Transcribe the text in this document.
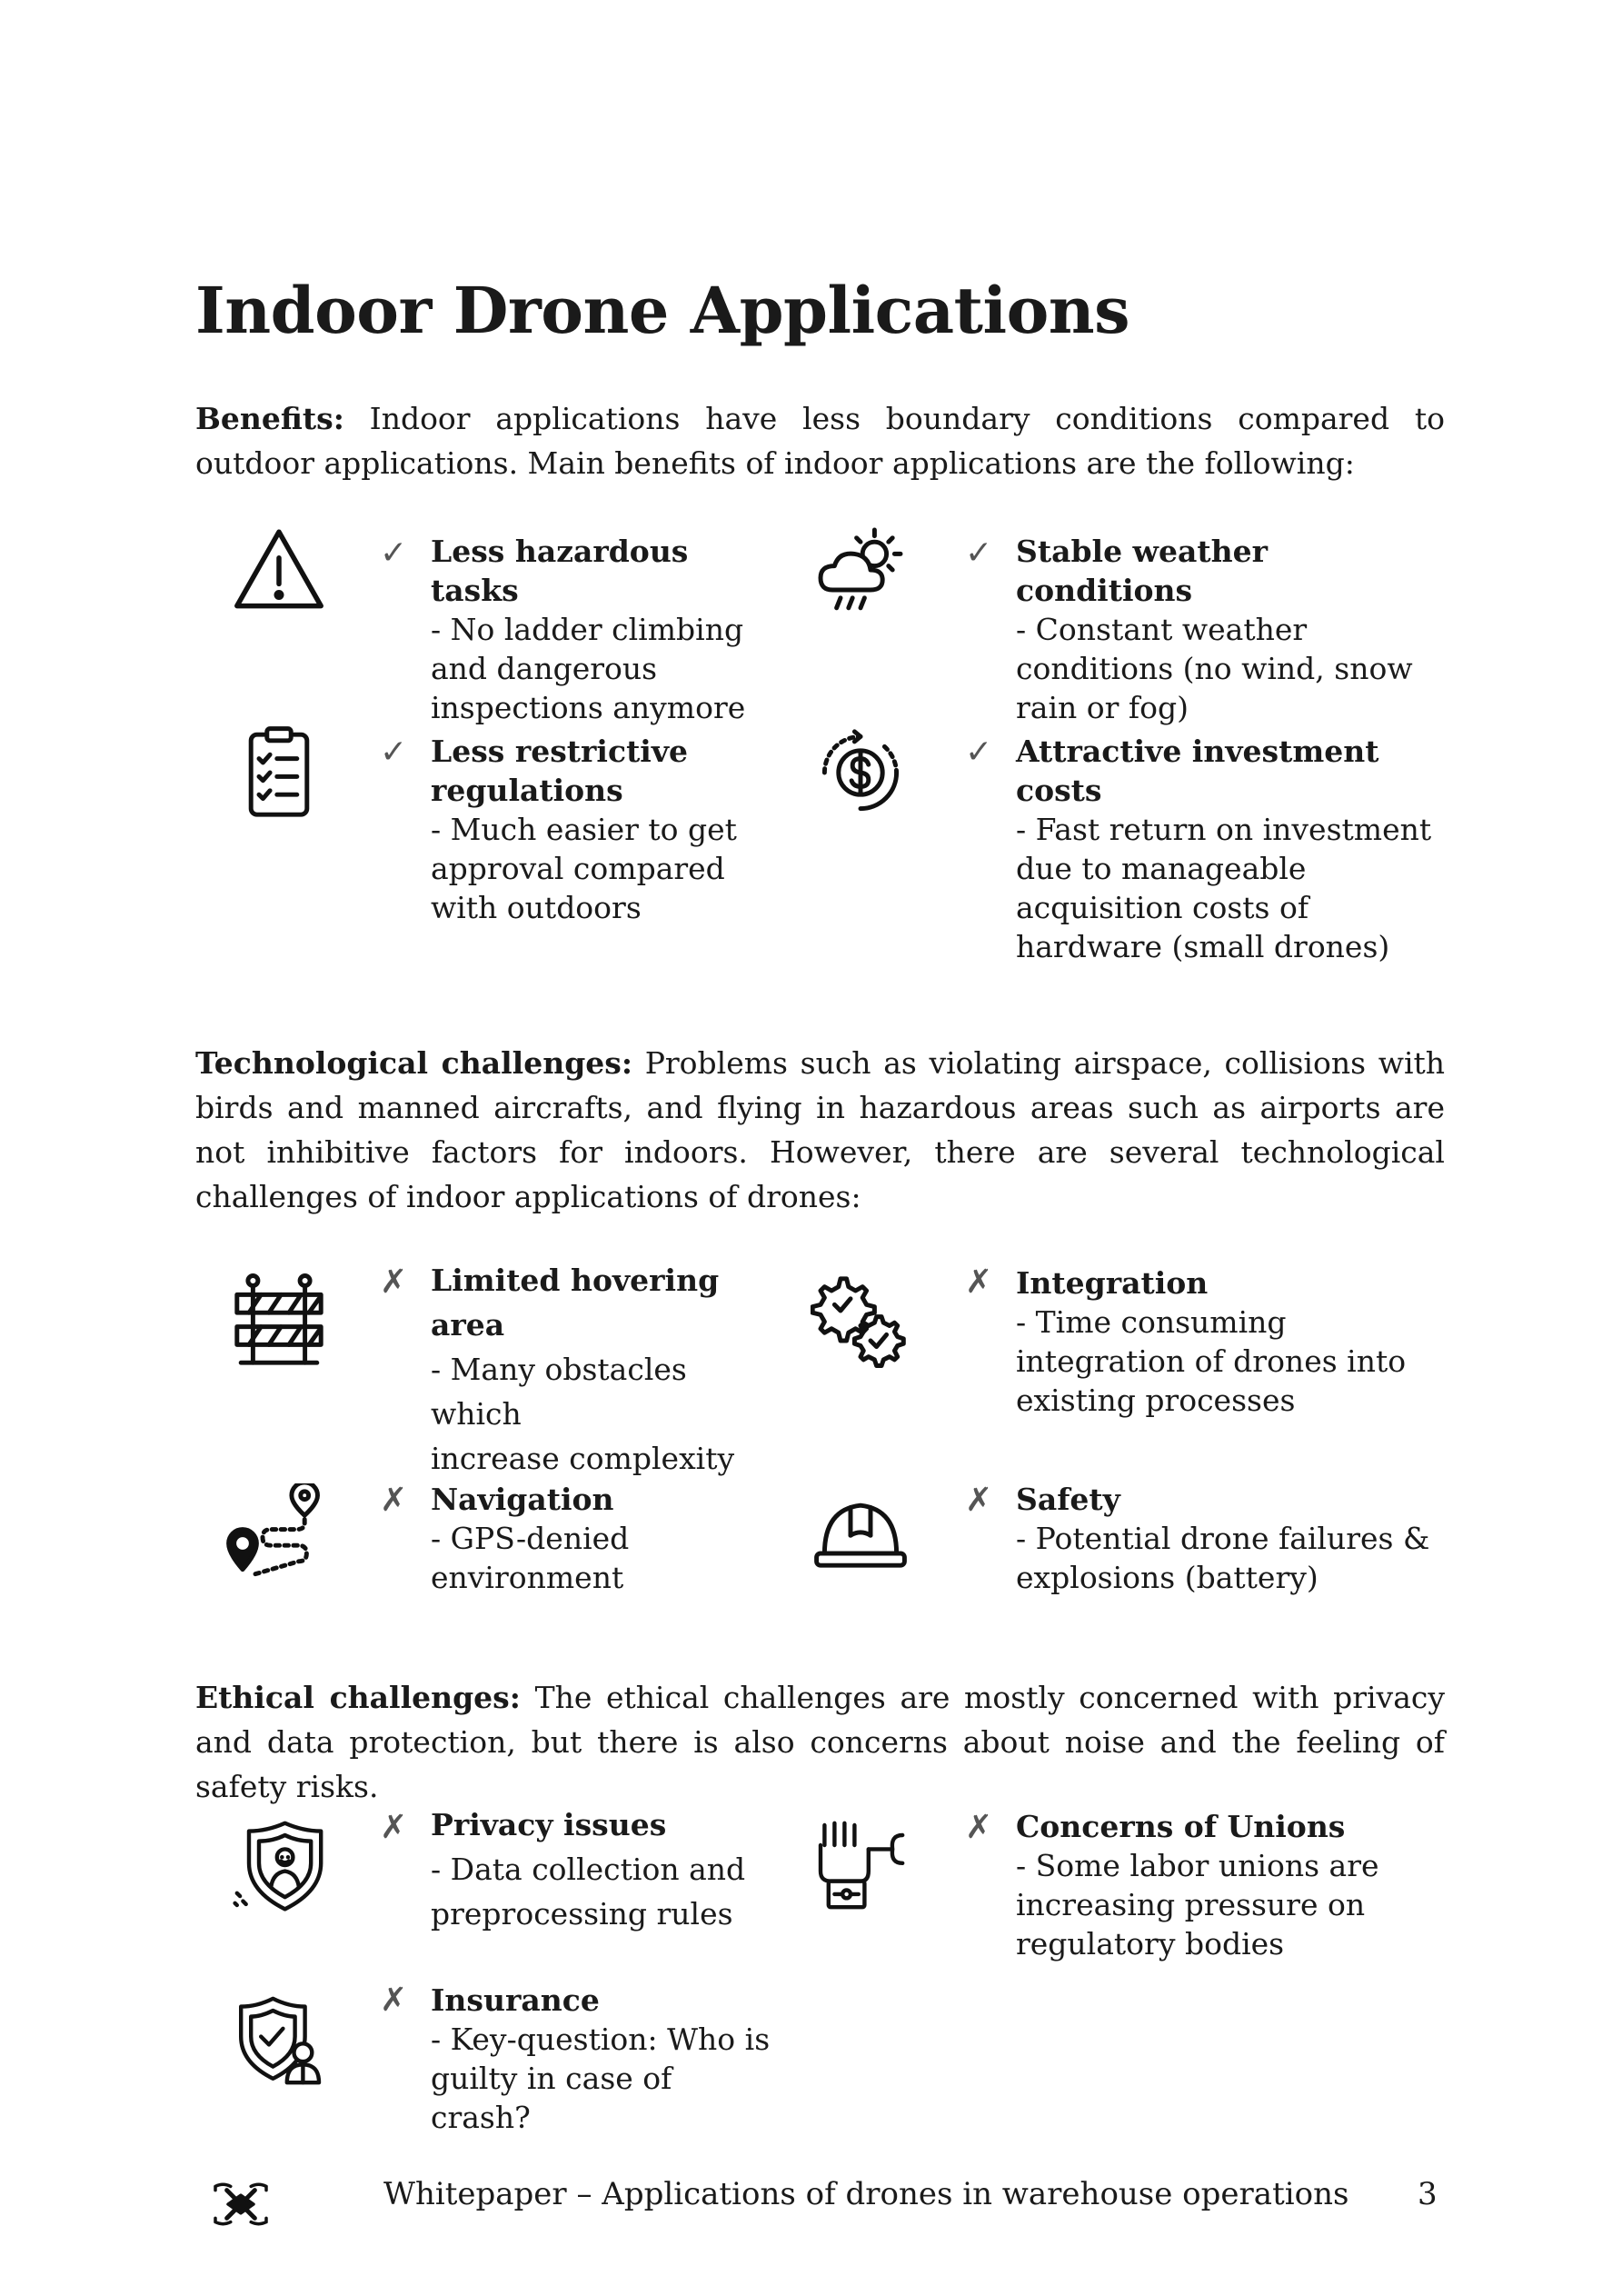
Indoor Drone Applications

Benefits: Indoor applications have less boundary conditions compared to outdoor applications. Main benefits of indoor applications are the following:

✓ Less hazardous tasks
- No ladder climbing
and dangerous
inspections anymore
✓ Stable weather conditions
- Constant weather
conditions (no wind, snow
rain or fog)
✓ Less restrictive
regulations
- Much easier to get
approval compared
with outdoors
✓ Attractive investment
costs
- Fast return on investment
due to manageable
acquisition costs of
hardware (small drones)

Technological challenges: Problems such as violating airspace, collisions with birds and manned aircrafts, and flying in hazardous areas such as airports are not inhibitive factors for indoors. However, there are several technological challenges of indoor applications of drones:

✗ Limited hovering
area
- Many obstacles which
increase complexity
✗ Integration
- Time consuming
integration of drones into
existing processes
✗ Navigation
- GPS-denied
environment
✗ Safety
- Potential drone failures &
explosions (battery)

Ethical challenges: The ethical challenges are mostly concerned with privacy and data protection, but there is also concerns about noise and the feeling of safety risks.

✗ Privacy issues
- Data collection and
preprocessing rules
✗ Concerns of Unions
- Some labor unions are
increasing pressure on
regulatory bodies
✗ Insurance
- Key-question: Who is
guilty in case of crash?
Whitepaper – Applications of drones in warehouse operations 3
